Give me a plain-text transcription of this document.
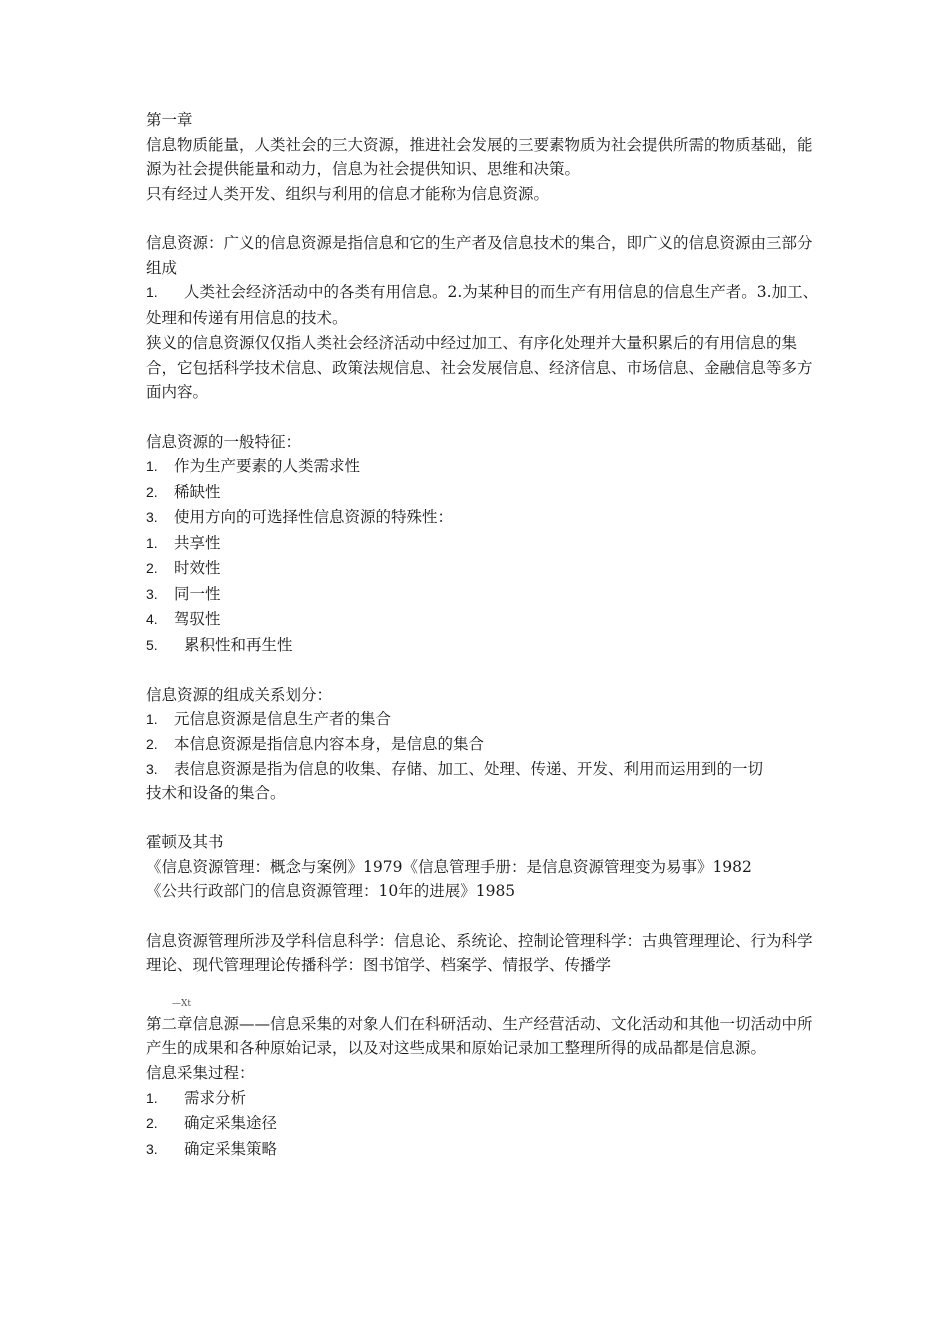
第一章

信息物质能量，人类社会的三大资源，推进社会发展的三要素物质为社会提供所需的物质基础，能源为社会提供能量和动力，信息为社会提供知识、思维和决策。

只有经过人类开发、组织与利用的信息才能称为信息资源。

信息资源：广义的信息资源是指信息和它的生产者及信息技术的集合，即广义的信息资源由三部分组成

1.	人类社会经济活动中的各类有用信息。2.为某种目的而生产有用信息的信息生产者。3.加工、处理和传递有用信息的技术。

狭义的信息资源仅仅指人类社会经济活动中经过加工、有序化处理并大量积累后的有用信息的集合，它包括科学技术信息、政策法规信息、社会发展信息、经济信息、市场信息、金融信息等多方面内容。

信息资源的一般特征：

1.	作为生产要素的人类需求性
2.	稀缺性
3.	使用方向的可选择性信息资源的特殊性：
1.	共享性
2.	时效性
3.	同一性
4.	驾驭性
5.	累积性和再生性

信息资源的组成关系划分：

1.	元信息资源是信息生产者的集合
2.	本信息资源是指信息内容本身，是信息的集合
3.	表信息资源是指为信息的收集、存储、加工、处理、传递、开发、利用而运用到的一切

技术和设备的集合。

霍顿及其书

《信息资源管理：概念与案例》1979《信息管理手册：是信息资源管理变为易事》1982

《公共行政部门的信息资源管理：10年的进展》1985

信息资源管理所涉及学科信息科学：信息论、系统论、控制论管理科学：古典管理理论、行为科学理论、现代管理理论传播科学：图书馆学、档案学、情报学、传播学

—Xt

第二章信息源——信息采集的对象人们在科研活动、生产经营活动、文化活动和其他一切活动中所产生的成果和各种原始记录，以及对这些成果和原始记录加工整理所得的成品都是信息源。

信息采集过程：

1.	需求分析
2.	确定采集途径
3.	确定采集策略
